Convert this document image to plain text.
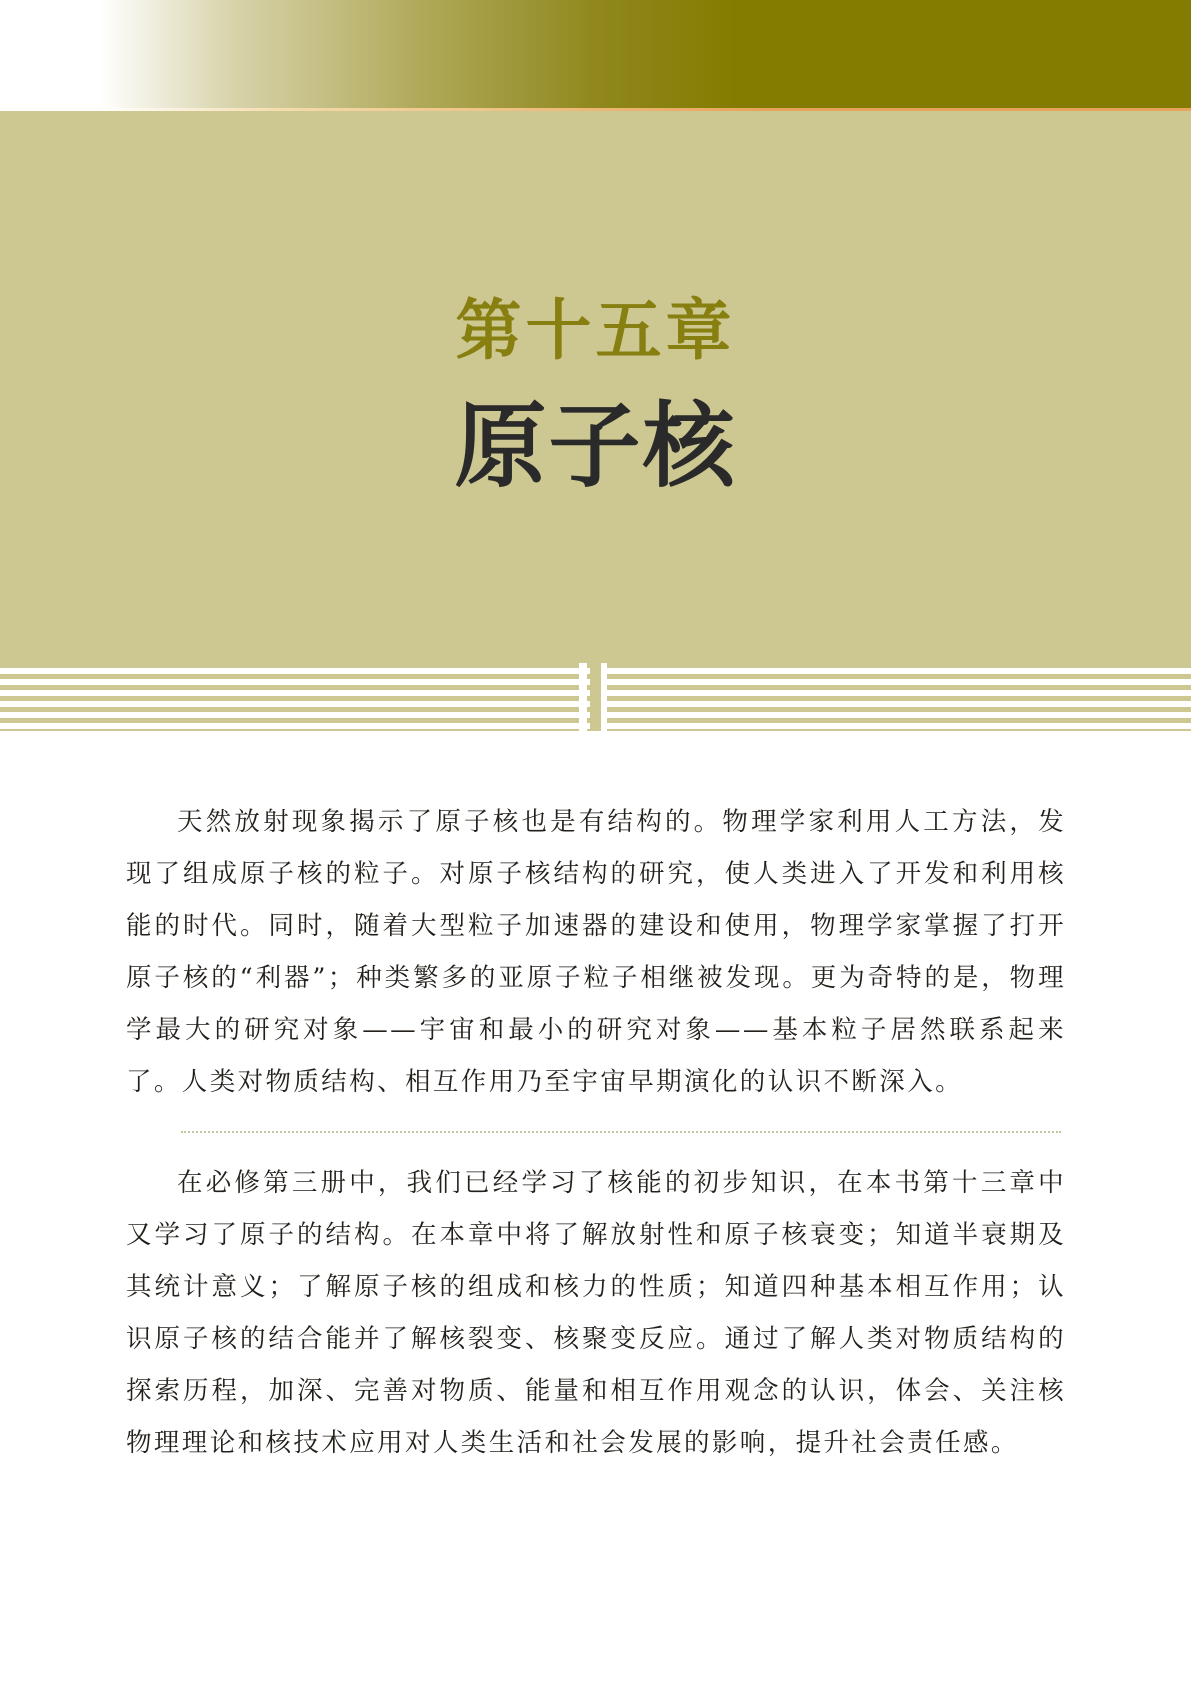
第十五章
原子核

天然放射现象揭示了原子核也是有结构的。物理学家利用人工方法，发现了组成原子核的粒子。对原子核结构的研究，使人类进入了开发和利用核能的时代。同时，随着大型粒子加速器的建设和使用，物理学家掌握了打开原子核的“利器”；种类繁多的亚原子粒子相继被发现。更为奇特的是，物理学最大的研究对象——宇宙和最小的研究对象——基本粒子居然联系起来了。人类对物质结构、相互作用乃至宇宙早期演化的认识不断深入。

在必修第三册中，我们已经学习了核能的初步知识，在本书第十三章中又学习了原子的结构。在本章中将了解放射性和原子核衰变；知道半衰期及其统计意义；了解原子核的组成和核力的性质；知道四种基本相互作用；认识原子核的结合能并了解核裂变、核聚变反应。通过了解人类对物质结构的探索历程，加深、完善对物质、能量和相互作用观念的认识，体会、关注核物理理论和核技术应用对人类生活和社会发展的影响，提升社会责任感。
